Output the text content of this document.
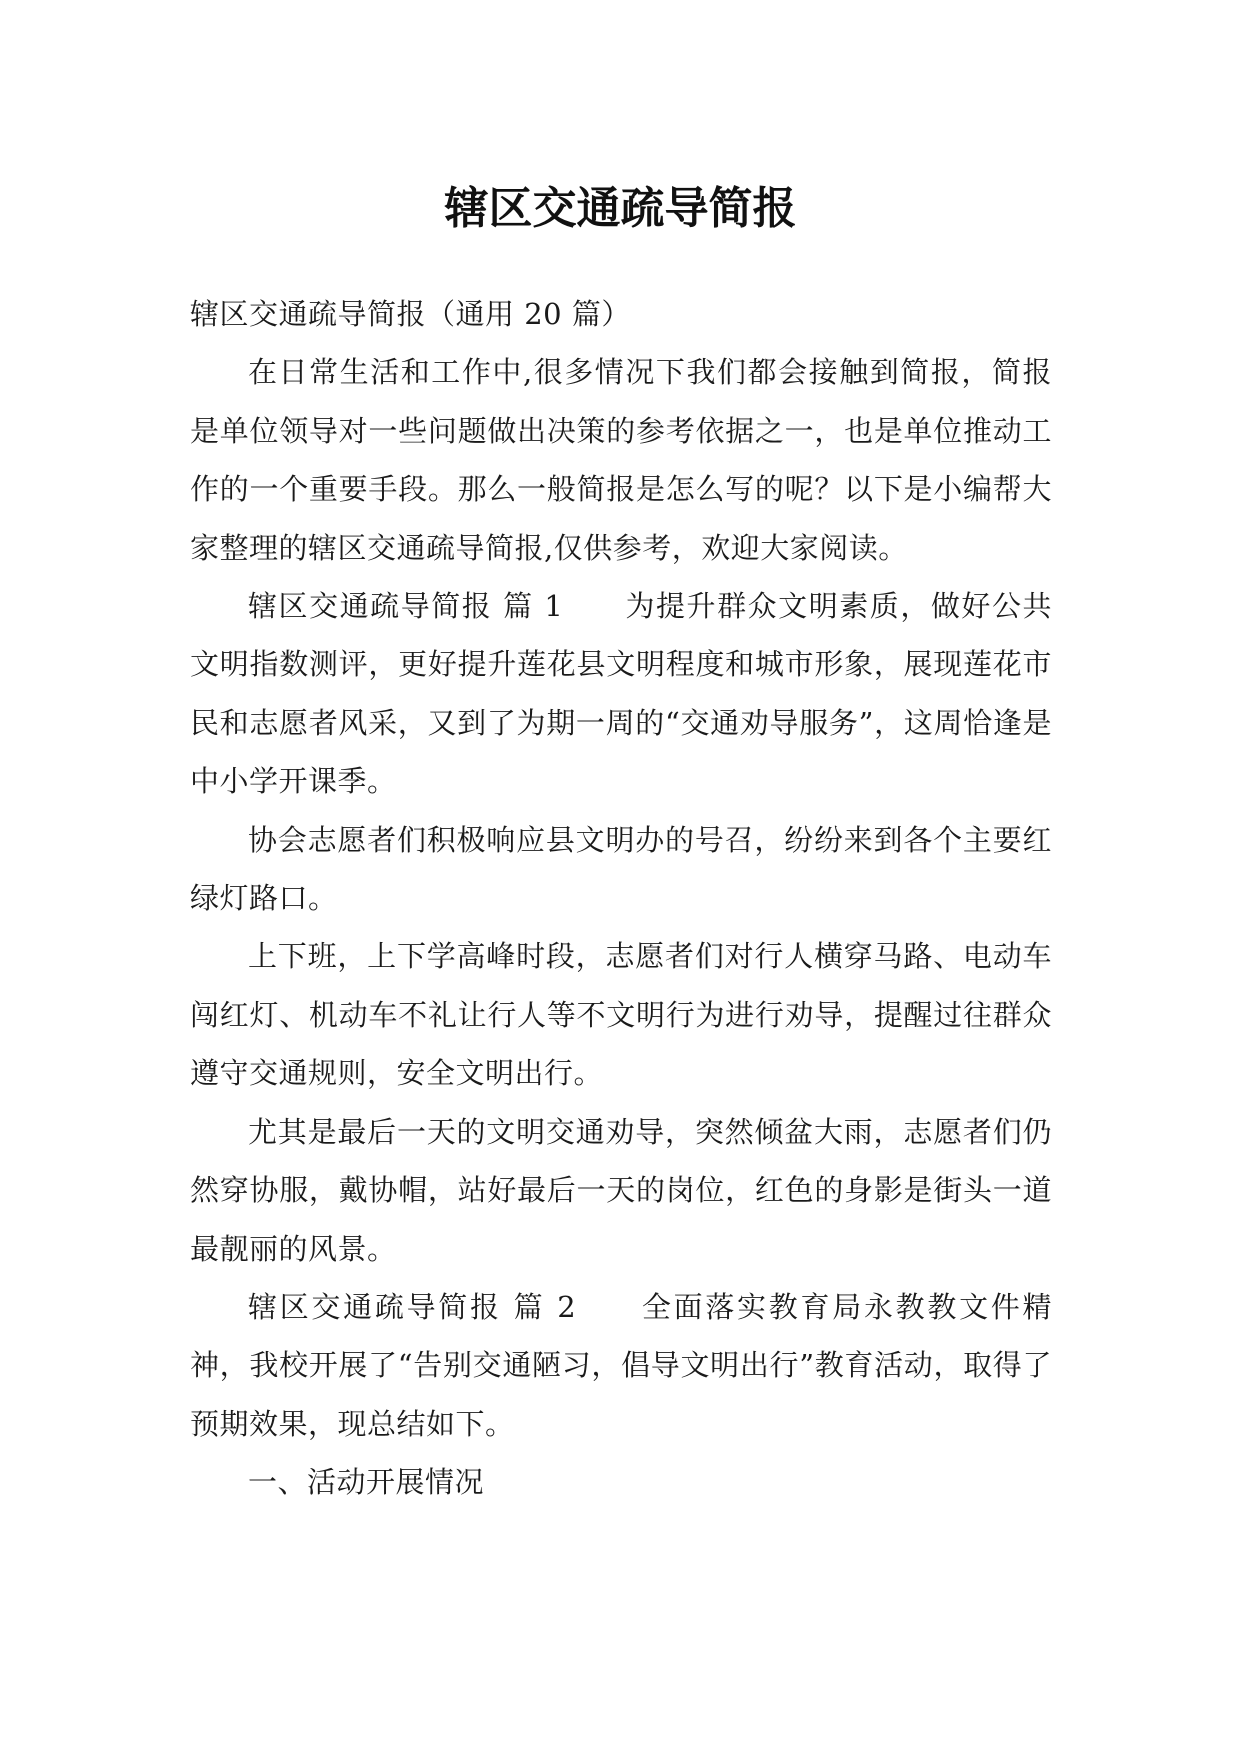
辖区交通疏导简报

辖区交通疏导简报（通用 20 篇）

在日常生活和工作中,很多情况下我们都会接触到简报，简报是单位领导对一些问题做出决策的参考依据之一，也是单位推动工作的一个重要手段。那么一般简报是怎么写的呢？以下是小编帮大家整理的辖区交通疏导简报,仅供参考，欢迎大家阅读。

辖区交通疏导简报 篇 1　　为提升群众文明素质，做好公共文明指数测评，更好提升莲花县文明程度和城市形象，展现莲花市民和志愿者风采，又到了为期一周的“交通劝导服务”，这周恰逢是中小学开课季。

协会志愿者们积极响应县文明办的号召，纷纷来到各个主要红绿灯路口。

上下班，上下学高峰时段，志愿者们对行人横穿马路、电动车闯红灯、机动车不礼让行人等不文明行为进行劝导，提醒过往群众遵守交通规则，安全文明出行。

尤其是最后一天的文明交通劝导，突然倾盆大雨，志愿者们仍然穿协服，戴协帽，站好最后一天的岗位，红色的身影是街头一道最靓丽的风景。

辖区交通疏导简报 篇 2　　全面落实教育局永教教文件精神，我校开展了“告别交通陋习，倡导文明出行”教育活动，取得了预期效果，现总结如下。

一、活动开展情况
